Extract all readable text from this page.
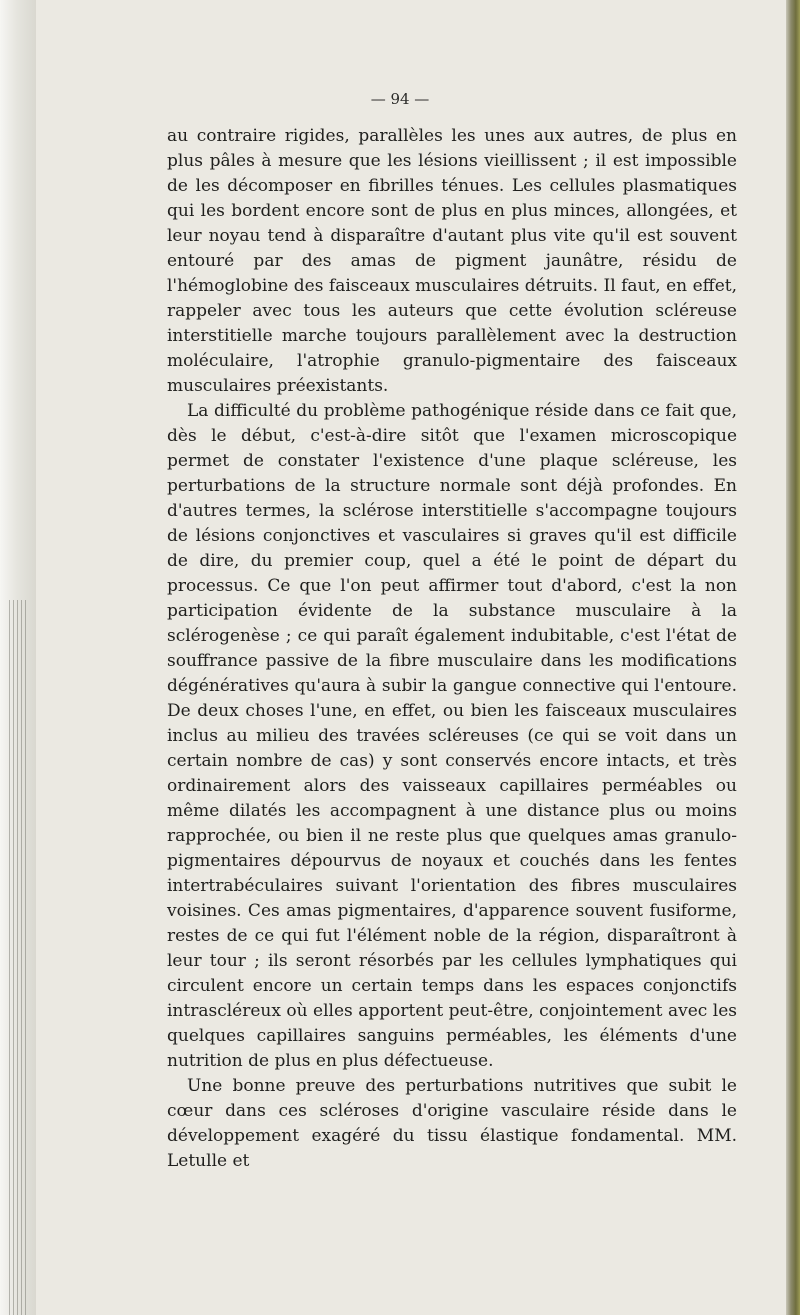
— 94 —

au contraire rigides, parallèles les unes aux autres, de plus en plus pâles à mesure que les lésions vieillissent ; il est impossible de les décomposer en fibrilles ténues. Les cellules plasmatiques qui les bordent encore sont de plus en plus minces, allongées, et leur noyau tend à disparaître d'autant plus vite qu'il est souvent entouré par des amas de pigment jaunâtre, résidu de l'hémoglobine des faisceaux musculaires détruits. Il faut, en effet, rappeler avec tous les auteurs que cette évolution scléreuse interstitielle marche toujours parallèlement avec la destruction moléculaire, l'atrophie granulo-pigmentaire des faisceaux musculaires préexistants.

La difficulté du problème pathogénique réside dans ce fait que, dès le début, c'est-à-dire sitôt que l'examen microscopique permet de constater l'existence d'une plaque scléreuse, les perturbations de la structure normale sont déjà profondes. En d'autres termes, la sclérose interstitielle s'accompagne toujours de lésions conjonctives et vasculaires si graves qu'il est difficile de dire, du premier coup, quel a été le point de départ du processus. Ce que l'on peut affirmer tout d'abord, c'est la non participation évidente de la substance musculaire à la sclérogenèse ; ce qui paraît également indubitable, c'est l'état de souffrance passive de la fibre musculaire dans les modifications dégénératives qu'aura à subir la gangue connective qui l'entoure. De deux choses l'une, en effet, ou bien les faisceaux musculaires inclus au milieu des travées scléreuses (ce qui se voit dans un certain nombre de cas) y sont conservés encore intacts, et très ordinairement alors des vaisseaux capillaires perméables ou même dilatés les accompagnent à une distance plus ou moins rapprochée, ou bien il ne reste plus que quelques amas granulo-pigmentaires dépourvus de noyaux et couchés dans les fentes intertrabéculaires suivant l'orientation des fibres musculaires voisines. Ces amas pigmentaires, d'apparence souvent fusiforme, restes de ce qui fut l'élément noble de la région, disparaîtront à leur tour ; ils seront résorbés par les cellules lymphatiques qui circulent encore un certain temps dans les espaces conjonctifs intrascléreux où elles apportent peut-être, conjointement avec les quelques capillaires sanguins perméables, les éléments d'une nutrition de plus en plus défectueuse.

Une bonne preuve des perturbations nutritives que subit le cœur dans ces scléroses d'origine vasculaire réside dans le développement exagéré du tissu élastique fondamental. MM. Letulle et
